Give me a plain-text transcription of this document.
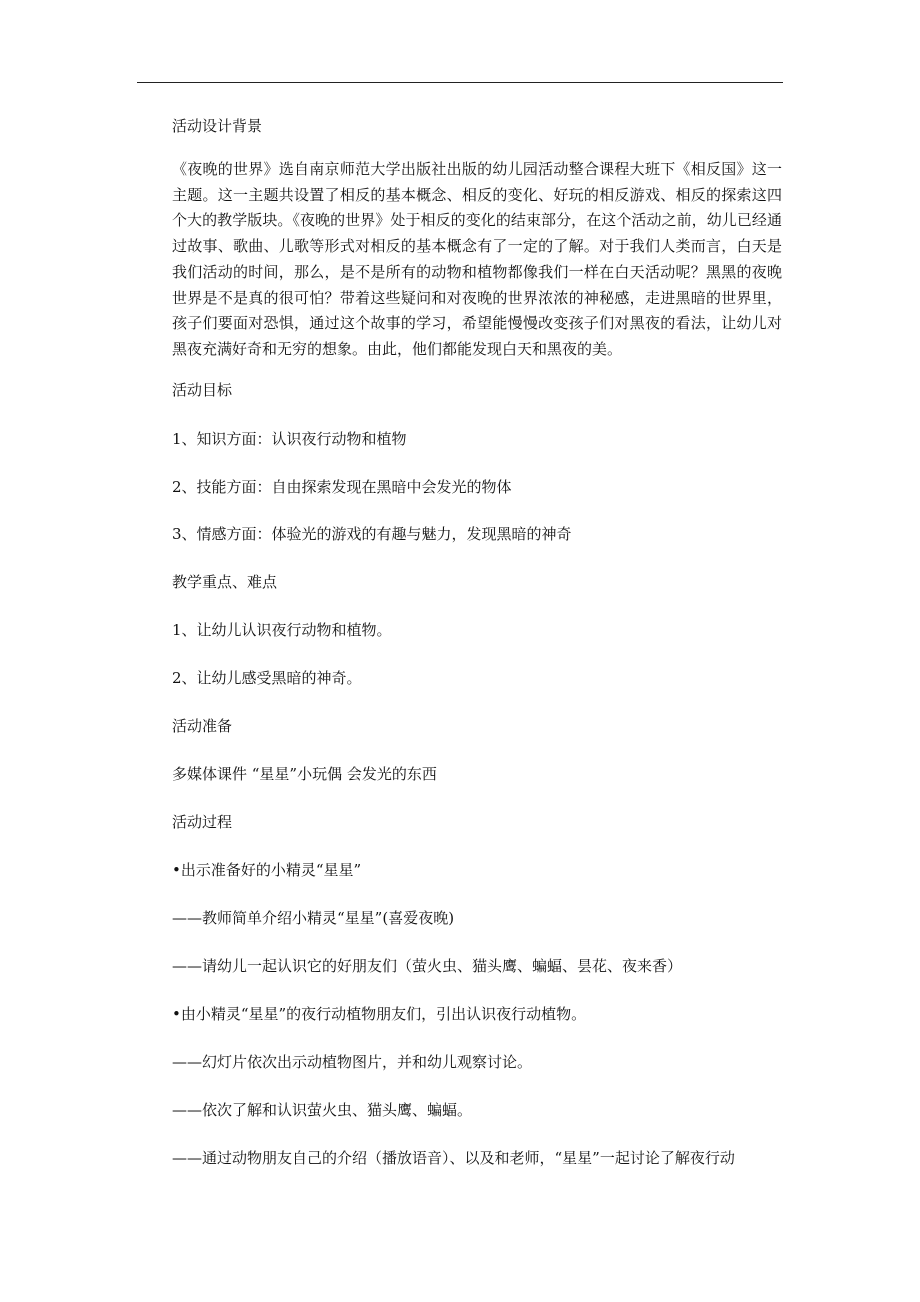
活动设计背景
《夜晚的世界》选自南京师范大学出版社出版的幼儿园活动整合课程大班下《相反国》这一主题。这一主题共设置了相反的基本概念、相反的变化、好玩的相反游戏、相反的探索这四个大的教学版块。《夜晚的世界》处于相反的变化的结束部分，在这个活动之前，幼儿已经通过故事、歌曲、儿歌等形式对相反的基本概念有了一定的了解。对于我们人类而言，白天是我们活动的时间，那么，是不是所有的动物和植物都像我们一样在白天活动呢？黑黑的夜晚世界是不是真的很可怕？带着这些疑问和对夜晚的世界浓浓的神秘感，走进黑暗的世界里，孩子们要面对恐惧，通过这个故事的学习，希望能慢慢改变孩子们对黑夜的看法，让幼儿对黑夜充满好奇和无穷的想象。由此，他们都能发现白天和黑夜的美。
活动目标
1、知识方面：认识夜行动物和植物
2、技能方面：自由探索发现在黑暗中会发光的物体
3、情感方面：体验光的游戏的有趣与魅力，发现黑暗的神奇
教学重点、难点
1、让幼儿认识夜行动物和植物。
2、让幼儿感受黑暗的神奇。
活动准备
多媒体课件 “星星”小玩偶 会发光的东西
活动过程
•出示准备好的小精灵“星星”
——教师简单介绍小精灵“星星”(喜爱夜晚)
——请幼儿一起认识它的好朋友们（萤火虫、猫头鹰、蝙蝠、昙花、夜来香）
•由小精灵“星星”的夜行动植物朋友们，引出认识夜行动植物。
——幻灯片依次出示动植物图片，并和幼儿观察讨论。
——依次了解和认识萤火虫、猫头鹰、蝙蝠。
——通过动物朋友自己的介绍（播放语音）、以及和老师，“星星”一起讨论了解夜行动
